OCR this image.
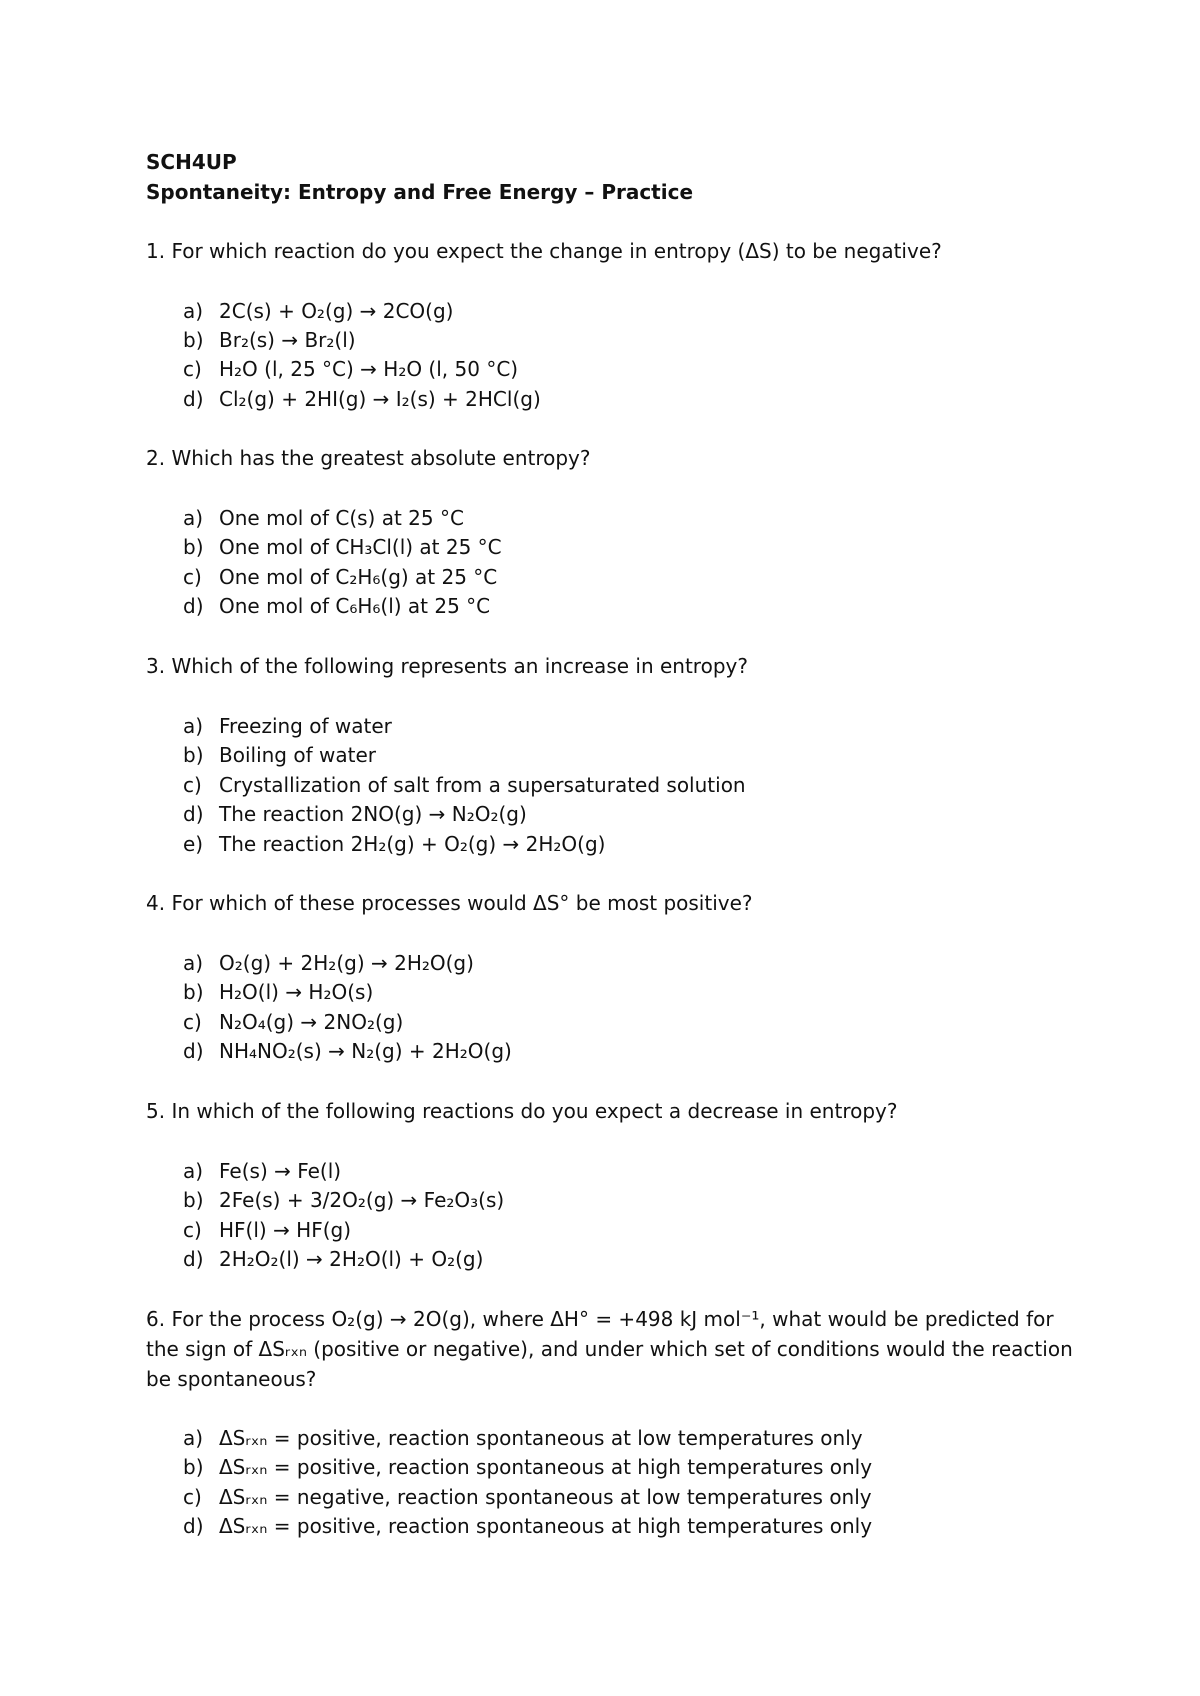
SCH4UP
Spontaneity: Entropy and Free Energy – Practice
1. For which reaction do you expect the change in entropy (ΔS) to be negative?
a) 2C(s) + O₂(g) → 2CO(g)
b) Br₂(s) → Br₂(l)
c) H₂O (l, 25 °C) → H₂O (l, 50 °C)
d) Cl₂(g) + 2HI(g) → I₂(s) + 2HCl(g)
2. Which has the greatest absolute entropy?
a) One mol of C(s) at 25 °C
b) One mol of CH₃Cl(l) at 25 °C
c) One mol of C₂H₆(g) at 25 °C
d) One mol of C₆H₆(l) at 25 °C
3. Which of the following represents an increase in entropy?
a) Freezing of water
b) Boiling of water
c) Crystallization of salt from a supersaturated solution
d) The reaction 2NO(g) → N₂O₂(g)
e) The reaction 2H₂(g) + O₂(g) → 2H₂O(g)
4. For which of these processes would ΔS° be most positive?
a) O₂(g) + 2H₂(g) → 2H₂O(g)
b) H₂O(l) → H₂O(s)
c) N₂O₄(g) → 2NO₂(g)
d) NH₄NO₂(s) → N₂(g) + 2H₂O(g)
5. In which of the following reactions do you expect a decrease in entropy?
a) Fe(s) → Fe(l)
b) 2Fe(s) + 3/2O₂(g) → Fe₂O₃(s)
c) HF(l) → HF(g)
d) 2H₂O₂(l) → 2H₂O(l) + O₂(g)
6. For the process O₂(g) → 2O(g), where ΔH° = +498 kJ mol⁻¹, what would be predicted for the sign of ΔSᵣₓₙ (positive or negative), and under which set of conditions would the reaction be spontaneous?
a) ΔSᵣₓₙ = positive, reaction spontaneous at low temperatures only
b) ΔSᵣₓₙ = positive, reaction spontaneous at high temperatures only
c) ΔSᵣₓₙ = negative, reaction spontaneous at low temperatures only
d) ΔSᵣₓₙ = positive, reaction spontaneous at high temperatures only
